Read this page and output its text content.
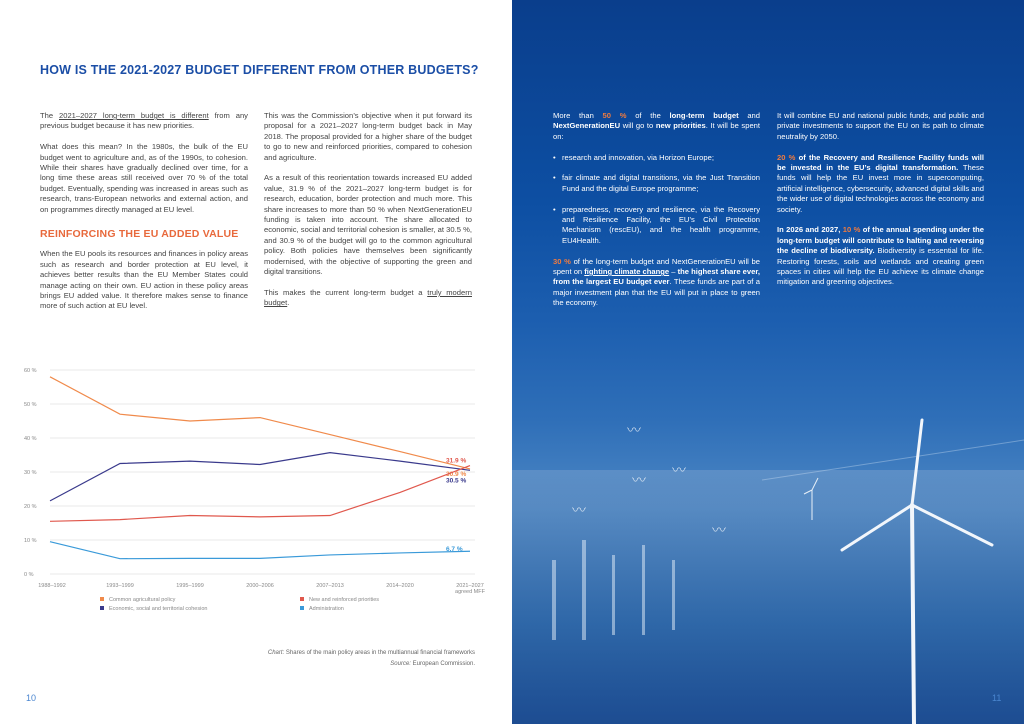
HOW IS THE 2021-2027 BUDGET DIFFERENT FROM OTHER BUDGETS?

The 2021–2027 long-term budget is different from any previous budget because it has new priorities.

What does this mean? In the 1980s, the bulk of the EU budget went to agriculture and, as of the 1990s, to cohesion. While their shares have gradually declined over time, for a long time these areas still received over 70 % of the total budget. Eventually, spending was increased in areas such as research, trans-European networks and external action, and on programmes directly managed at EU level.

REINFORCING THE EU ADDED VALUE

When the EU pools its resources and finances in policy areas such as research and border protection at EU level, it achieves better results than the EU Member States could manage acting on their own. EU action in these policy areas brings EU added value. It therefore makes sense to finance more of such action at EU level.

This was the Commission’s objective when it put forward its proposal for a 2021–2027 long-term budget back in May 2018. The proposal provided for a higher share of the budget to go to new and reinforced priorities, compared to cohesion and agriculture.

As a result of this reorientation towards increased EU added value, 31.9 % of the 2021–2027 long-term budget is for research, education, border protection and much more. This share increases to more than 50 % when NextGenerationEU funding is taken into account. The share allocated to economic, social and territorial cohesion is smaller, at 30.5 %, and 30.9 % of the budget will go to the common agricultural policy. Both policies have themselves been significantly modernised, with the objective of supporting the green and digital transitions.

This makes the current long-term budget a truly modern budget.

0 %
10 %
20 %
30 %
40 %
50 %
60 %
1988–1992	1993–1999	1995–1999	2000–2006	2007–2013	2014–2020	2021–2027
agreed MFF
30.9 %
30.5 %
31.9 %
6.7 %
Common agricultural policy
Economic, social and territorial cohesion
New and reinforced priorities
Administration
Chart: Shares of the main policy areas in the multiannual financial frameworks
Source: European Commission.
10
〰
〰
〰
〰
〰
11

More than 50 % of the long-term budget and NextGenerationEU will go to new priorities. It will be spent on:

• research and innovation, via Horizon Europe;
• fair climate and digital transitions, via the Just Transition Fund and the digital Europe programme;
• preparedness, recovery and resilience, via the Recovery and Resilience Facility, the EU’s Civil Protection Mechanism (rescEU), and the health programme, EU4Health.

30 % of the long-term budget and NextGenerationEU will be spent on fighting climate change – the highest share ever, from the largest EU budget ever. These funds are part of a major investment plan that the EU will put in place to green the economy.

It will combine EU and national public funds, and public and private investments to support the EU on its path to climate neutrality by 2050.

20 % of the Recovery and Resilience Facility funds will be invested in the EU’s digital transformation. These funds will help the EU invest more in supercomputing, artificial intelligence, cybersecurity, advanced digital skills and the wider use of digital technologies across the economy and society.

In 2026 and 2027, 10 % of the annual spending under the long-term budget will contribute to halting and reversing the decline of biodiversity. Biodiversity is essential for life. Restoring forests, soils and wetlands and creating green spaces in cities will help the EU achieve its climate change mitigation and greening objectives.
